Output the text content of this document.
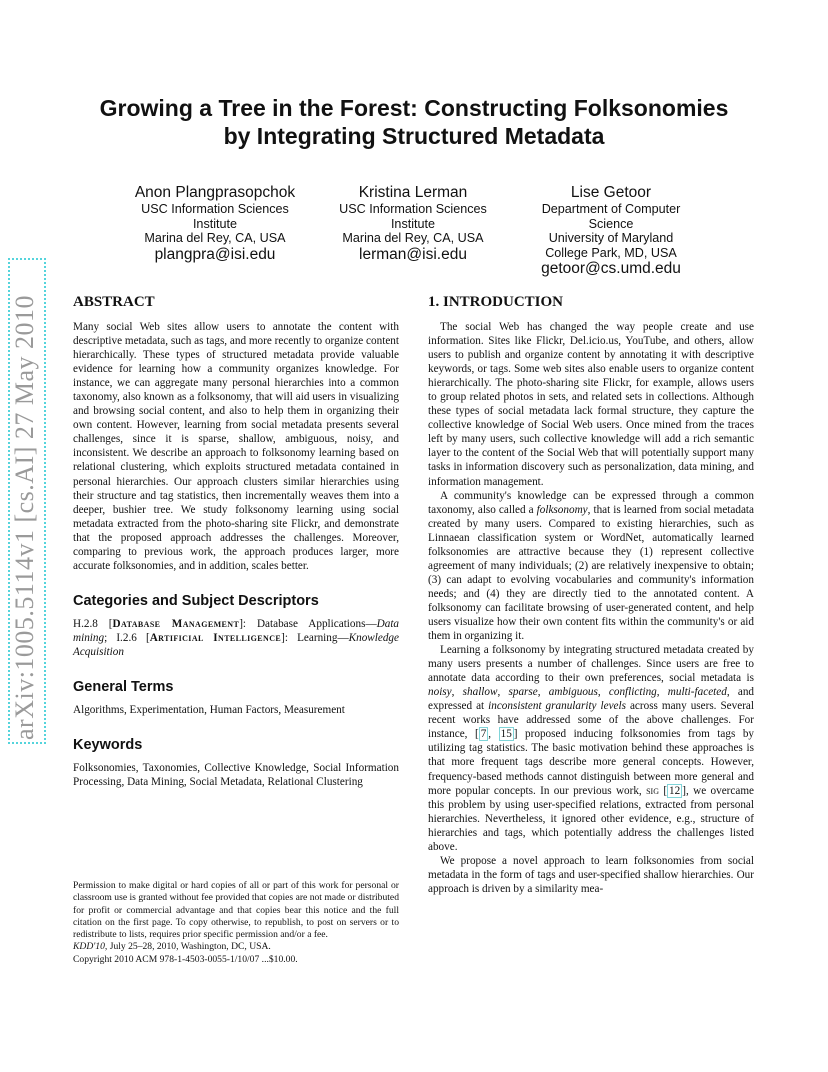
Growing a Tree in the Forest: Constructing Folksonomies
by Integrating Structured Metadata
Anon Plangprasopchok
USC Information Sciences
Institute
Marina del Rey, CA, USA
plangpra@isi.edu
Kristina Lerman
USC Information Sciences
Institute
Marina del Rey, CA, USA
lerman@isi.edu
Lise Getoor
Department of Computer
Science
University of Maryland
College Park, MD, USA
getoor@cs.umd.edu
arXiv:1005.5114v1 [cs.AI] 27 May 2010	ABSTRACT

Many social Web sites allow users to annotate the content with descriptive metadata, such as tags, and more recently to organize content hierarchically. These types of structured metadata provide valuable evidence for learning how a community organizes knowledge. For instance, we can aggregate many personal hierarchies into a common taxonomy, also known as a folksonomy, that will aid users in visualizing and browsing social content, and also to help them in organizing their own content. However, learning from social metadata presents several challenges, since it is sparse, shallow, ambiguous, noisy, and inconsistent. We describe an approach to folksonomy learning based on relational clustering, which exploits structured metadata contained in personal hierarchies. Our approach clusters similar hierarchies using their structure and tag statistics, then incrementally weaves them into a deeper, bushier tree. We study folksonomy learning using social metadata extracted from the photo-sharing site Flickr, and demonstrate that the proposed approach addresses the challenges. Moreover, comparing to previous work, the approach produces larger, more accurate folksonomies, and in addition, scales better.

Categories and Subject Descriptors

H.2.8 [Database Management]: Database Applications—Data mining; I.2.6 [Artificial Intelligence]: Learning—Knowledge Acquisition

General Terms

Algorithms, Experimentation, Human Factors, Measurement

Keywords

Folksonomies, Taxonomies, Collective Knowledge, Social Information Processing, Data Mining, Social Metadata, Relational Clustering

Permission to make digital or hard copies of all or part of this work for personal or classroom use is granted without fee provided that copies are not made or distributed for profit or commercial advantage and that copies bear this notice and the full citation on the first page. To copy otherwise, to republish, to post on servers or to redistribute to lists, requires prior specific permission and/or a fee.

KDD'10, July 25–28, 2010, Washington, DC, USA.

Copyright 2010 ACM 978-1-4503-0055-1/10/07 ...$10.00.

1. INTRODUCTION

The social Web has changed the way people create and use information. Sites like Flickr, Del.icio.us, YouTube, and others, allow users to publish and organize content by annotating it with descriptive keywords, or tags. Some web sites also enable users to organize content hierarchically. The photo-sharing site Flickr, for example, allows users to group related photos in sets, and related sets in collections. Although these types of social metadata lack formal structure, they capture the collective knowledge of Social Web users. Once mined from the traces left by many users, such collective knowledge will add a rich semantic layer to the content of the Social Web that will potentially support many tasks in information discovery such as personalization, data mining, and information management.

A community's knowledge can be expressed through a common taxonomy, also called a folksonomy, that is learned from social metadata created by many users. Compared to existing hierarchies, such as Linnaean classification system or WordNet, automatically learned folksonomies are attractive because they (1) represent collective agreement of many individuals; (2) are relatively inexpensive to obtain; (3) can adapt to evolving vocabularies and community's information needs; and (4) they are directly tied to the annotated content. A folksonomy can facilitate browsing of user-generated content, and help users visualize how their own content fits within the community's or aid them in organizing it.

Learning a folksonomy by integrating structured metadata created by many users presents a number of challenges. Since users are free to annotate data according to their own preferences, social metadata is noisy, shallow, sparse, ambiguous, conflicting, multi-faceted, and expressed at inconsistent granularity levels across many users. Several recent works have addressed some of the above challenges. For instance, [ 7 , 15 ] proposed inducing folksonomies from tags by utilizing tag statistics. The basic motivation behind these approaches is that more frequent tags describe more general concepts. However, frequency-based methods cannot distinguish between more general and more popular concepts. In our previous work, sig [ 12 ], we overcame this problem by using user-specified relations, extracted from personal hierarchies. Nevertheless, it ignored other evidence, e.g., structure of hierarchies and tags, which potentially address the challenges listed above.

We propose a novel approach to learn folksonomies from social metadata in the form of tags and user-specified shallow hierarchies. Our approach is driven by a similarity mea-
